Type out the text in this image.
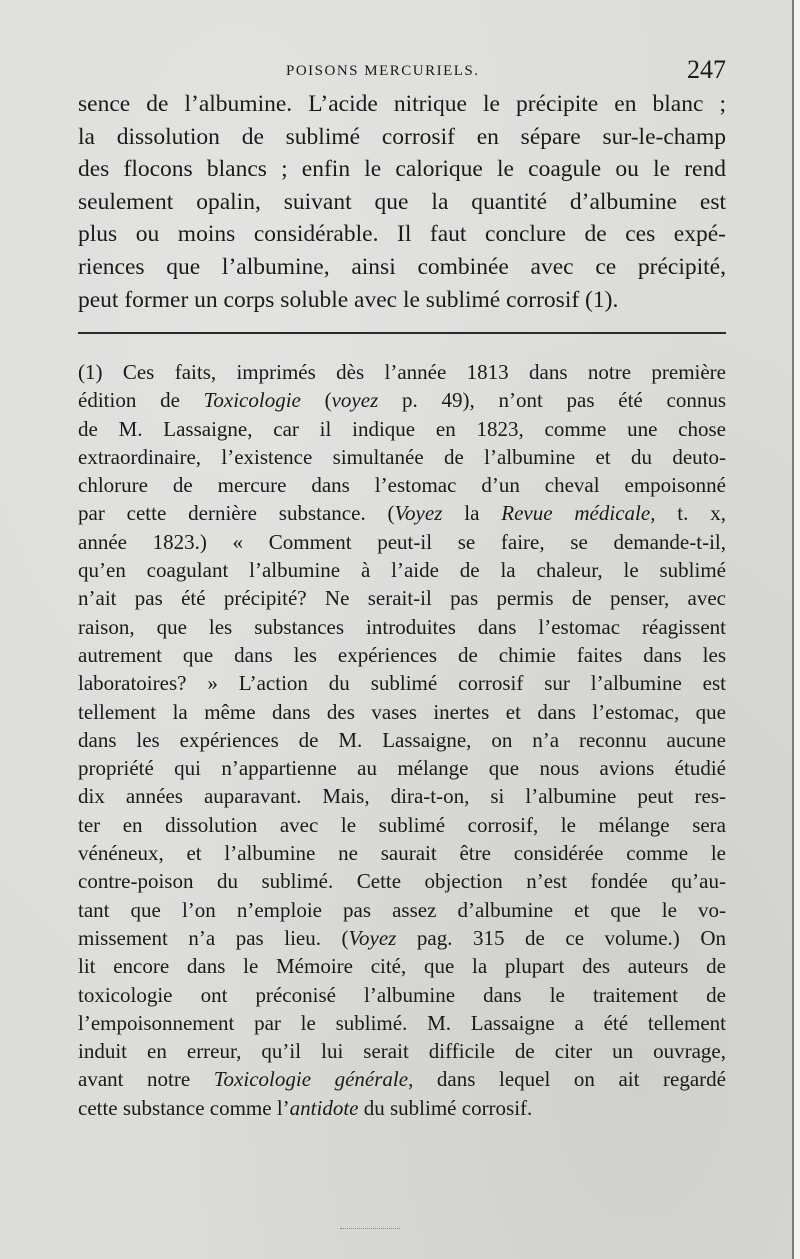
POISONS MERCURIELS.	247
sence de l’albumine. L’acide nitrique le précipite en blanc ;
la dissolution de sublimé corrosif en sépare sur-le-champ
des flocons blancs ; enfin le calorique le coagule ou le rend
seulement opalin, suivant que la quantité d’albumine est
plus ou moins considérable. Il faut conclure de ces expé-
riences que l’albumine, ainsi combinée avec ce précipité,
peut former un corps soluble avec le sublimé corrosif (1).
(1) Ces faits, imprimés dès l’année 1813 dans notre première
édition de Toxicologie (voyez p. 49), n’ont pas été connus
de M. Lassaigne, car il indique en 1823, comme une chose
extraordinaire, l’existence simultanée de l’albumine et du deuto-
chlorure de mercure dans l’estomac d’un cheval empoisonné
par cette dernière substance. (Voyez la Revue médicale, t. x,
année 1823.) « Comment peut-il se faire, se demande-t-il,
qu’en coagulant l’albumine à l’aide de la chaleur, le sublimé
n’ait pas été précipité? Ne serait-il pas permis de penser, avec
raison, que les substances introduites dans l’estomac réagissent
autrement que dans les expériences de chimie faites dans les
laboratoires? » L’action du sublimé corrosif sur l’albumine est
tellement la même dans des vases inertes et dans l’estomac, que
dans les expériences de M. Lassaigne, on n’a reconnu aucune
propriété qui n’appartienne au mélange que nous avions étudié
dix années auparavant. Mais, dira-t-on, si l’albumine peut res-
ter en dissolution avec le sublimé corrosif, le mélange sera
vénéneux, et l’albumine ne saurait être considérée comme le
contre-poison du sublimé. Cette objection n’est fondée qu’au-
tant que l’on n’emploie pas assez d’albumine et que le vo-
missement n’a pas lieu. (Voyez pag. 315 de ce volume.) On
lit encore dans le Mémoire cité, que la plupart des auteurs de
toxicologie ont préconisé l’albumine dans le traitement de
l’empoisonnement par le sublimé. M. Lassaigne a été tellement
induit en erreur, qu’il lui serait difficile de citer un ouvrage,
avant notre Toxicologie générale, dans lequel on ait regardé
cette substance comme l’antidote du sublimé corrosif.
